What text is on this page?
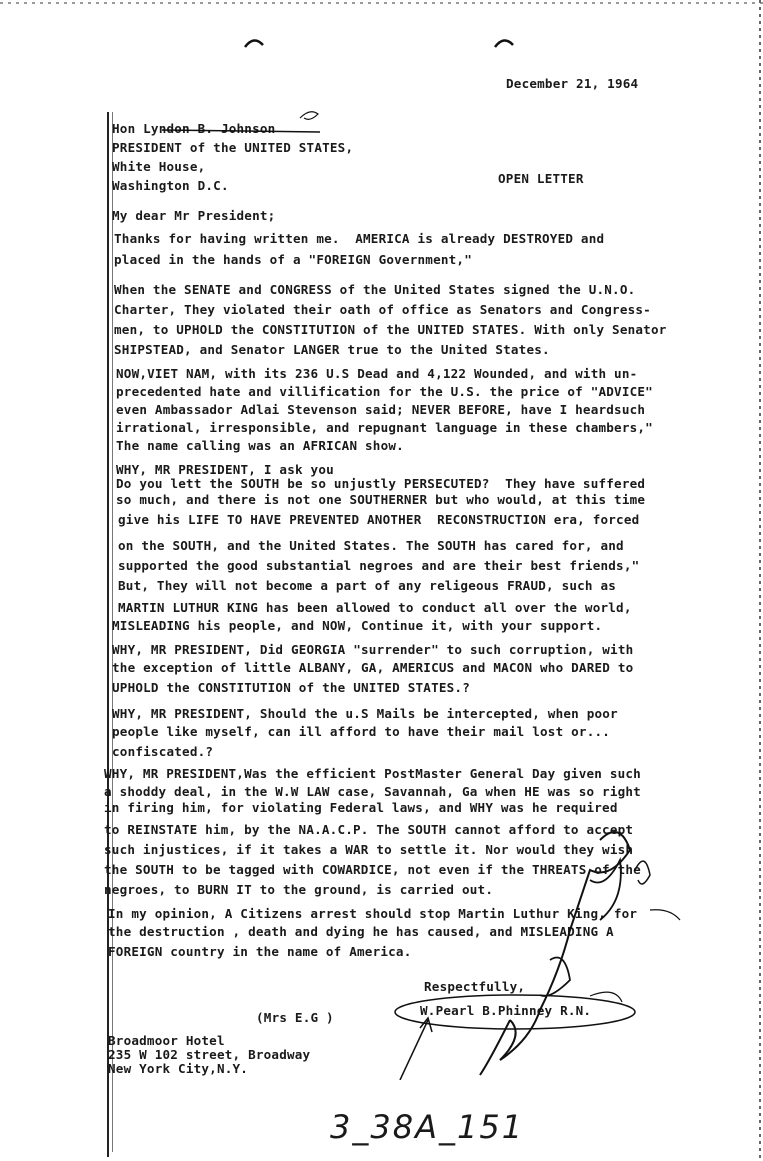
December 21, 1964
Hon Lyndon B. Johnson
PRESIDENT of the UNITED STATES,
White House,
Washington D.C.	OPEN LETTER
My dear Mr President;
Thanks for having written me.  AMERICA is already DESTROYED and
placed in the hands of a "FOREIGN Government,"
When the SENATE and CONGRESS of the United States signed the U.N.O.
Charter, They violated their oath of office as Senators and Congress-
men, to UPHOLD the CONSTITUTION of the UNITED STATES. With only Senator
SHIPSTEAD, and Senator LANGER true to the United States.
NOW,VIET NAM, with its 236 U.S Dead and 4,122 Wounded, and with un-
precedented hate and villification for the U.S. the price of "ADVICE"
even Ambassador Adlai Stevenson said; NEVER BEFORE, have I heardsuch
irrational, irresponsible, and repugnant language in these chambers,"
The name calling was an AFRICAN show.
WHY, MR PRESIDENT, I ask you
Do you lett the SOUTH be so unjustly PERSECUTED?  They have suffered
so much, and there is not one SOUTHERNER but who would, at this time
give his LIFE TO HAVE PREVENTED ANOTHER  RECONSTRUCTION era, forced
on the SOUTH, and the United States. The SOUTH has cared for, and
supported the good substantial negroes and are their best friends,"
But, They will not become a part of any religeous FRAUD, such as
MARTIN LUTHUR KING has been allowed to conduct all over the world,
MISLEADING his people, and NOW, Continue it, with your support.
WHY, MR PRESIDENT, Did GEORGIA "surrender" to such corruption, with
the exception of little ALBANY, GA, AMERICUS and MACON who DARED to
UPHOLD the CONSTITUTION of the UNITED STATES.?
WHY, MR PRESIDENT, Should the u.S Mails be intercepted, when poor
people like myself, can ill afford to have their mail lost or...
confiscated.?
WHY, MR PRESIDENT,Was the efficient PostMaster General Day given such
a shoddy deal, in the W.W LAW case, Savannah, Ga when HE was so right
in firing him, for violating Federal laws, and WHY was he required
to REINSTATE him, by the NA.A.C.P. The SOUTH cannot afford to accept
such injustices, if it takes a WAR to settle it. Nor would they wish
the SOUTH to be tagged with COWARDICE, not even if the THREATS of the
negroes, to BURN IT to the ground, is carried out.
In my opinion, A Citizens arrest should stop Martin Luthur King, for
the destruction , death and dying he has caused, and MISLEADING A
FOREIGN country in the name of America.
Respectfully,
W.Pearl B.Phinney R.N.
(Mrs E.G )
Broadmoor Hotel
235 W 102 street, Broadway
New York City,N.Y.
3_38A_151
